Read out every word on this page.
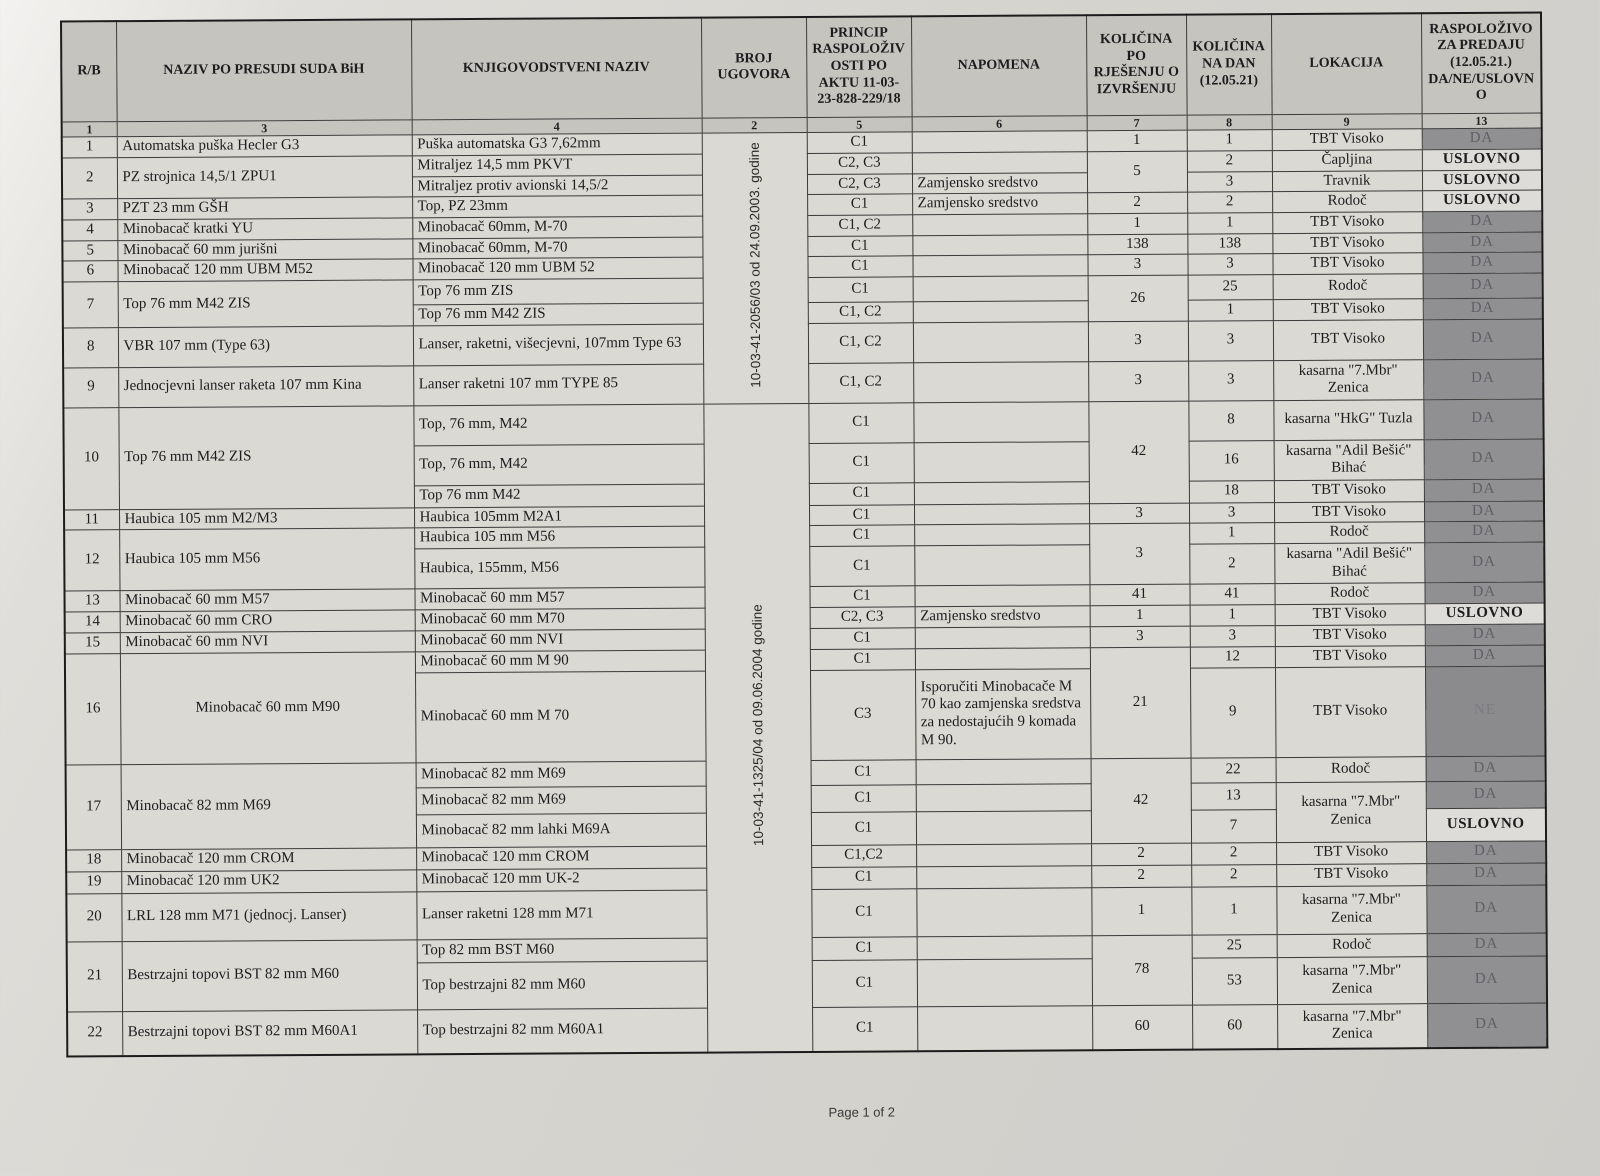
R/B	NAZIV PO PRESUDI SUDA BiH	KNJIGOVODSTVENI NAZIV	BROJ UGOVORA	PRINCIP RASPOLOŽIVOSTI PO AKTU 11-03-23-828-229/18	NAPOMENA	KOLIČINA PO RJEŠENJU O IZVRŠENJU	KOLIČINA NA DAN (12.05.21)	LOKACIJA	RASPOLOŽIVO ZA PREDAJU (12.05.21.) DA/NE/USLOVNO
1	3	4	2	5	6	7	8	9	13
1	Automatska puška Hecler G3	Puška automatska G3 7,62mm	10-03-41-2056/03 od 24.09.2003. godine	C1		1	1	TBT Visoko	DA
2	PZ strojnica 14,5/1 ZPU1	Mitraljez 14,5 mm PKVT		C2, C3		5	2	Čapljina	USLOVNO
		Mitraljez protiv avionski 14,5/2		C2, C3	Zamjensko sredstvo		3	Travnik	USLOVNO
3	PZT 23 mm GŠH	Top, PZ 23mm		C1	Zamjensko sredstvo	2	2	Rodoč	USLOVNO
4	Minobacač kratki YU	Minobacač 60mm, M-70		C1, C2		1	1	TBT Visoko	DA
5	Minobacač 60 mm jurišni	Minobacač 60mm, M-70		C1		138	138	TBT Visoko	DA
6	Minobacač 120 mm UBM M52	Minobacač 120 mm UBM 52		C1		3	3	TBT Visoko	DA
7	Top 76 mm M42 ZIS	Top 76 mm ZIS		C1		26	25	Rodoč	DA
		Top 76 mm M42 ZIS		C1, C2			1	TBT Visoko	DA
8	VBR 107 mm (Type 63)	Lanser, raketni, višecjevni, 107mm Type 63		C1, C2		3	3	TBT Visoko	DA
9	Jednocjevni lanser raketa 107 mm Kina	Lanser raketni 107 mm TYPE 85		C1, C2		3	3	kasarna "7.Mbr" Zenica	DA
10	Top 76 mm M42 ZIS	Top, 76 mm, M42	10-03-41-1325/04 od 09.06.2004 godine	C1		42	8	kasarna "HkG" Tuzla	DA
		Top, 76 mm, M42		C1			16	kasarna "Adil Bešić" Bihać	DA
		Top 76 mm M42		C1			18	TBT Visoko	DA
11	Haubica 105 mm M2/M3	Haubica 105mm M2A1		C1		3	3	TBT Visoko	DA
12	Haubica 105 mm M56	Haubica 105 mm M56		C1		3	1	Rodoč	DA
		Haubica, 155mm, M56		C1			2	kasarna "Adil Bešić" Bihać	DA
13	Minobacač 60 mm M57	Minobacač 60 mm M57		C1		41	41	Rodoč	DA
14	Minobacač 60 mm CRO	Minobacač 60 mm M70		C2, C3	Zamjensko sredstvo	1	1	TBT Visoko	USLOVNO
15	Minobacač 60 mm NVI	Minobacač 60 mm NVI		C1		3	3	TBT Visoko	DA
16	Minobacač 60 mm M90	Minobacač 60 mm M 90		C1		21	12	TBT Visoko	DA
		Minobacač 60 mm M 70		C3	Isporučiti Minobacače M 70 kao zamjenska sredstva za nedostajućih 9 komada M 90.		9	TBT Visoko	NE
17	Minobacač 82 mm M69	Minobacač 82 mm M69		C1		42	22	Rodoč	DA
		Minobacač 82 mm M69		C1			13	kasarna "7.Mbr" Zenica	DA
		Minobacač 82 mm lahki M69A		C1			7		USLOVNO
18	Minobacač 120 mm CROM	Minobacač 120 mm CROM		C1,C2		2	2	TBT Visoko	DA
19	Minobacač 120 mm UK2	Minobacač 120 mm UK-2		C1		2	2	TBT Visoko	DA
20	LRL 128 mm M71 (jednocj. Lanser)	Lanser raketni 128 mm M71		C1		1	1	kasarna "7.Mbr" Zenica	DA
21	Bestrzajni topovi BST 82 mm M60	Top 82 mm BST M60		C1		78	25	Rodoč	DA
		Top bestrzajni 82 mm M60		C1			53	kasarna "7.Mbr" Zenica	DA
22	Bestrzajni topovi BST 82 mm M60A1	Top bestrzajni 82 mm M60A1		C1		60	60	kasarna "7.Mbr" Zenica	DA
Page 1 of 2
